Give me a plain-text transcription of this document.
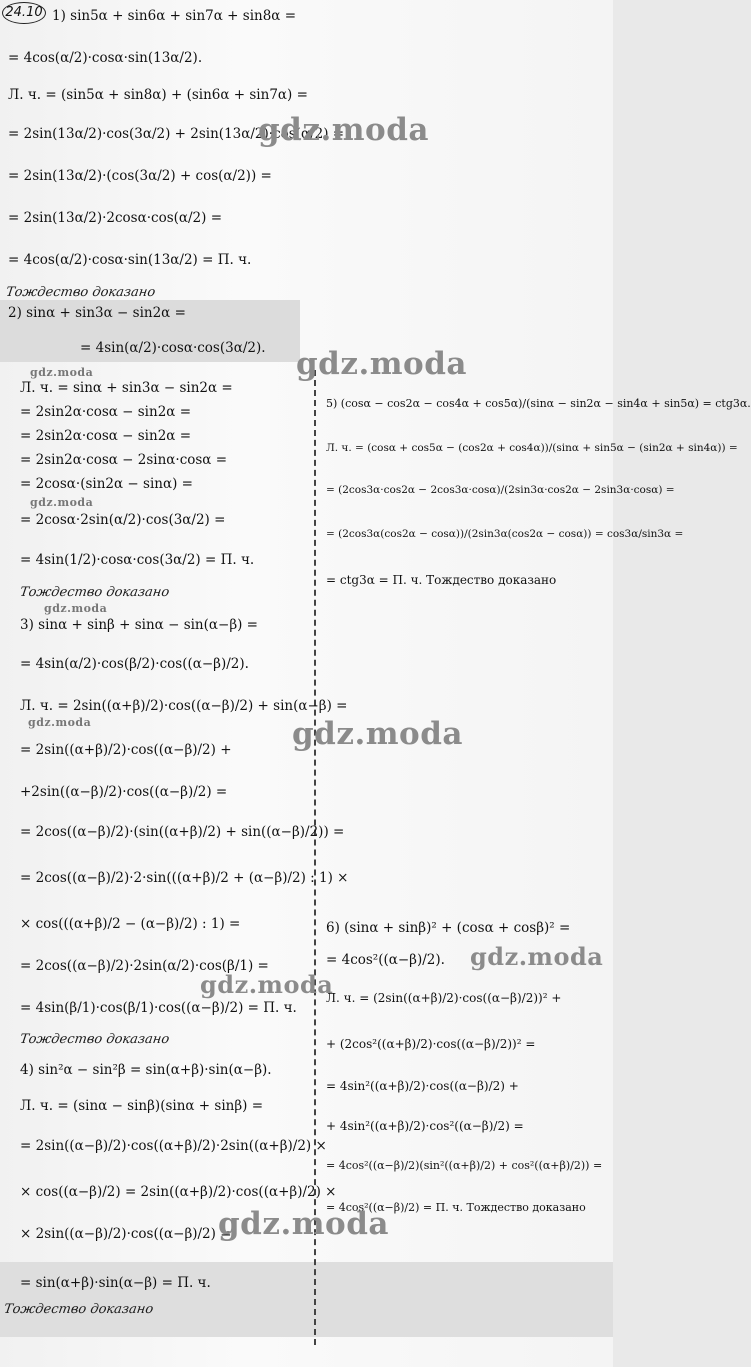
24.10 1) sin5α + sin6α + sin7α + sin8α =
= 4cos(α/2)·cosα·sin(13α/2).
Л. ч. = (sin5α + sin8α) + (sin6α + sin7α) =
= 2sin(13α/2)·cos(3α/2) + 2sin(13α/2)·cos(α/2) =
= 2sin(13α/2)·(cos(3α/2) + cos(α/2)) =
= 2sin(13α/2)·2cosα·cos(α/2) =
= 4cos(α/2)·cosα·sin(13α/2) = П. ч.
Тождество доказано
2) sinα + sin3α − sin2α =
= 4sin(α/2)·cosα·cos(3α/2).
Л. ч. = sinα + sin3α − sin2α =
= 2sin2α·cosα − sin2α =
= 2sin2α·cosα − sin2α =
= 2sin2α·cosα − 2sinα·cosα =
= 2cosα·(sin2α − sinα) =
= 2cosα·2sin(α/2)·cos(3α/2) =
= 4sin(1/2)·cosα·cos(3α/2) = П. ч.
Тождество доказано
3) sinα + sinβ + sinα − sin(α−β) =
= 4sin(α/2)·cos(β/2)·cos((α−β)/2).
Л. ч. = 2sin((α+β)/2)·cos((α−β)/2) + sin(α−β) =
= 2sin((α+β)/2)·cos((α−β)/2) +
+2sin((α−β)/2)·cos((α−β)/2) =
= 2cos((α−β)/2)·(sin((α+β)/2) + sin((α−β)/2)) =
= 2cos((α−β)/2)·2·sin(((α+β)/2 + (α−β)/2) : 1) ×
× cos(((α+β)/2 − (α−β)/2) : 1) =
= 2cos((α−β)/2)·2sin(α/2)·cos(β/1) =
= 4sin(β/1)·cos(β/1)·cos((α−β)/2) = П. ч.
Тождество доказано
4) sin²α − sin²β = sin(α+β)·sin(α−β).
Л. ч. = (sinα − sinβ)(sinα + sinβ) =
= 2sin((α−β)/2)·cos((α+β)/2)·2sin((α+β)/2) ×
× cos((α−β)/2) = 2sin((α+β)/2)·cos((α+β)/2) ×
× 2sin((α−β)/2)·cos((α−β)/2) =
= sin(α+β)·sin(α−β) = П. ч.
Тождество доказано
5) (cosα − cos2α − cos4α + cos5α)/(sinα − sin2α − sin4α + sin5α) = ctg3α.
Л. ч. = (cosα + cos5α − (cos2α + cos4α))/(sinα + sin5α − (sin2α + sin4α)) =
= (2cos3α·cos2α − 2cos3α·cosα)/(2sin3α·cos2α − 2sin3α·cosα) =
= (2cos3α(cos2α − cosα))/(2sin3α(cos2α − cosα)) = cos3α/sin3α =
= ctg3α = П. ч. Тождество доказано
6) (sinα + sinβ)² + (cosα + cosβ)² =
= 4cos²((α−β)/2).
Л. ч. = (2sin((α+β)/2)·cos((α−β)/2))² +
+ (2cos²((α+β)/2)·cos((α−β)/2))² =
= 4sin²((α+β)/2)·cos((α−β)/2) +
+ 4sin²((α+β)/2)·cos²((α−β)/2) =
= 4cos²((α−β)/2)(sin²((α+β)/2) + cos²((α+β)/2)) =
= 4cos²((α−β)/2) = П. ч. Тождество доказано
gdz.moda
gdz.moda
gdz.moda
gdz.moda
gdz.moda
gdz.moda
gdz.moda
gdz.moda
gdz.moda
gdz.moda
